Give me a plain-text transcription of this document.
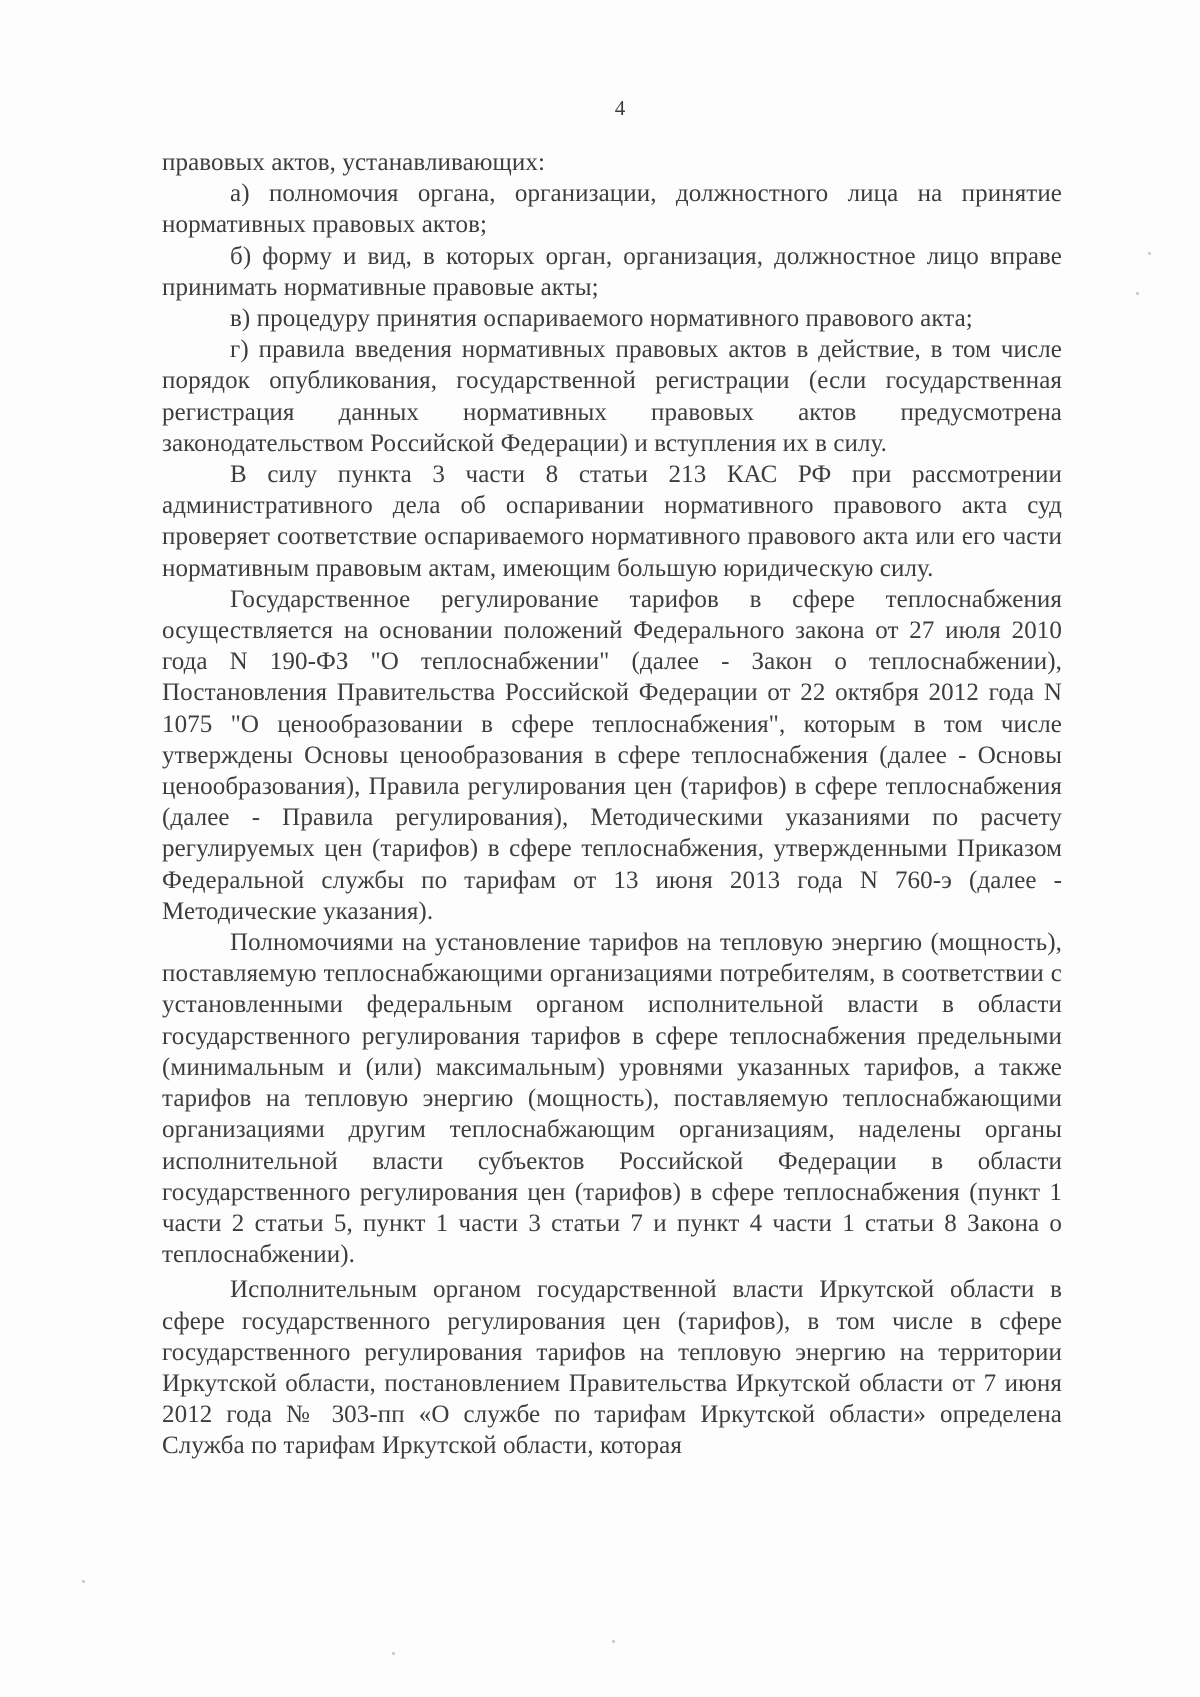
4

правовых актов, устанавливающих:

а) полномочия органа, организации, должностного лица на принятие нормативных правовых актов;

б) форму и вид, в которых орган, организация, должностное лицо вправе принимать нормативные правовые акты;

в) процедуру принятия оспариваемого нормативного правового акта;

г) правила введения нормативных правовых актов в действие, в том числе порядок опубликования, государственной регистрации (если государственная регистрация данных нормативных правовых актов предусмотрена законодательством Российской Федерации) и вступления их в силу.

В силу пункта 3 части 8 статьи 213 КАС РФ при рассмотрении административного дела об оспаривании нормативного правового акта суд проверяет соответствие оспариваемого нормативного правового акта или его части нормативным правовым актам, имеющим большую юридическую силу.

Государственное регулирование тарифов в сфере теплоснабжения осуществляется на основании положений Федерального закона от 27 июля 2010 года N 190-ФЗ "О теплоснабжении" (далее - Закон о теплоснабжении), Постановления Правительства Российской Федерации от 22 октября 2012 года N 1075 "О ценообразовании в сфере теплоснабжения", которым в том числе утверждены Основы ценообразования в сфере теплоснабжения (далее - Основы ценообразования), Правила регулирования цен (тарифов) в сфере теплоснабжения (далее - Правила регулирования), Методическими указаниями по расчету регулируемых цен (тарифов) в сфере теплоснабжения, утвержденными Приказом Федеральной службы по тарифам от 13 июня 2013 года N 760-э (далее - Методические указания).

Полномочиями на установление тарифов на тепловую энергию (мощность), поставляемую теплоснабжающими организациями потребителям, в соответствии с установленными федеральным органом исполнительной власти в области государственного регулирования тарифов в сфере теплоснабжения предельными (минимальным и (или) максимальным) уровнями указанных тарифов, а также тарифов на тепловую энергию (мощность), поставляемую теплоснабжающими организациями другим теплоснабжающим организациям, наделены органы исполнительной власти субъектов Российской Федерации в области государственного регулирования цен (тарифов) в сфере теплоснабжения (пункт 1 части 2 статьи 5, пункт 1 части 3 статьи 7 и пункт 4 части 1 статьи 8 Закона о теплоснабжении).

Исполнительным органом государственной власти Иркутской области в сфере государственного регулирования цен (тарифов), в том числе в сфере государственного регулирования тарифов на тепловую энергию на территории Иркутской области, постановлением Правительства Иркутской области от 7 июня 2012 года № 303-пп «О службе по тарифам Иркутской области» определена Служба по тарифам Иркутской области, которая
